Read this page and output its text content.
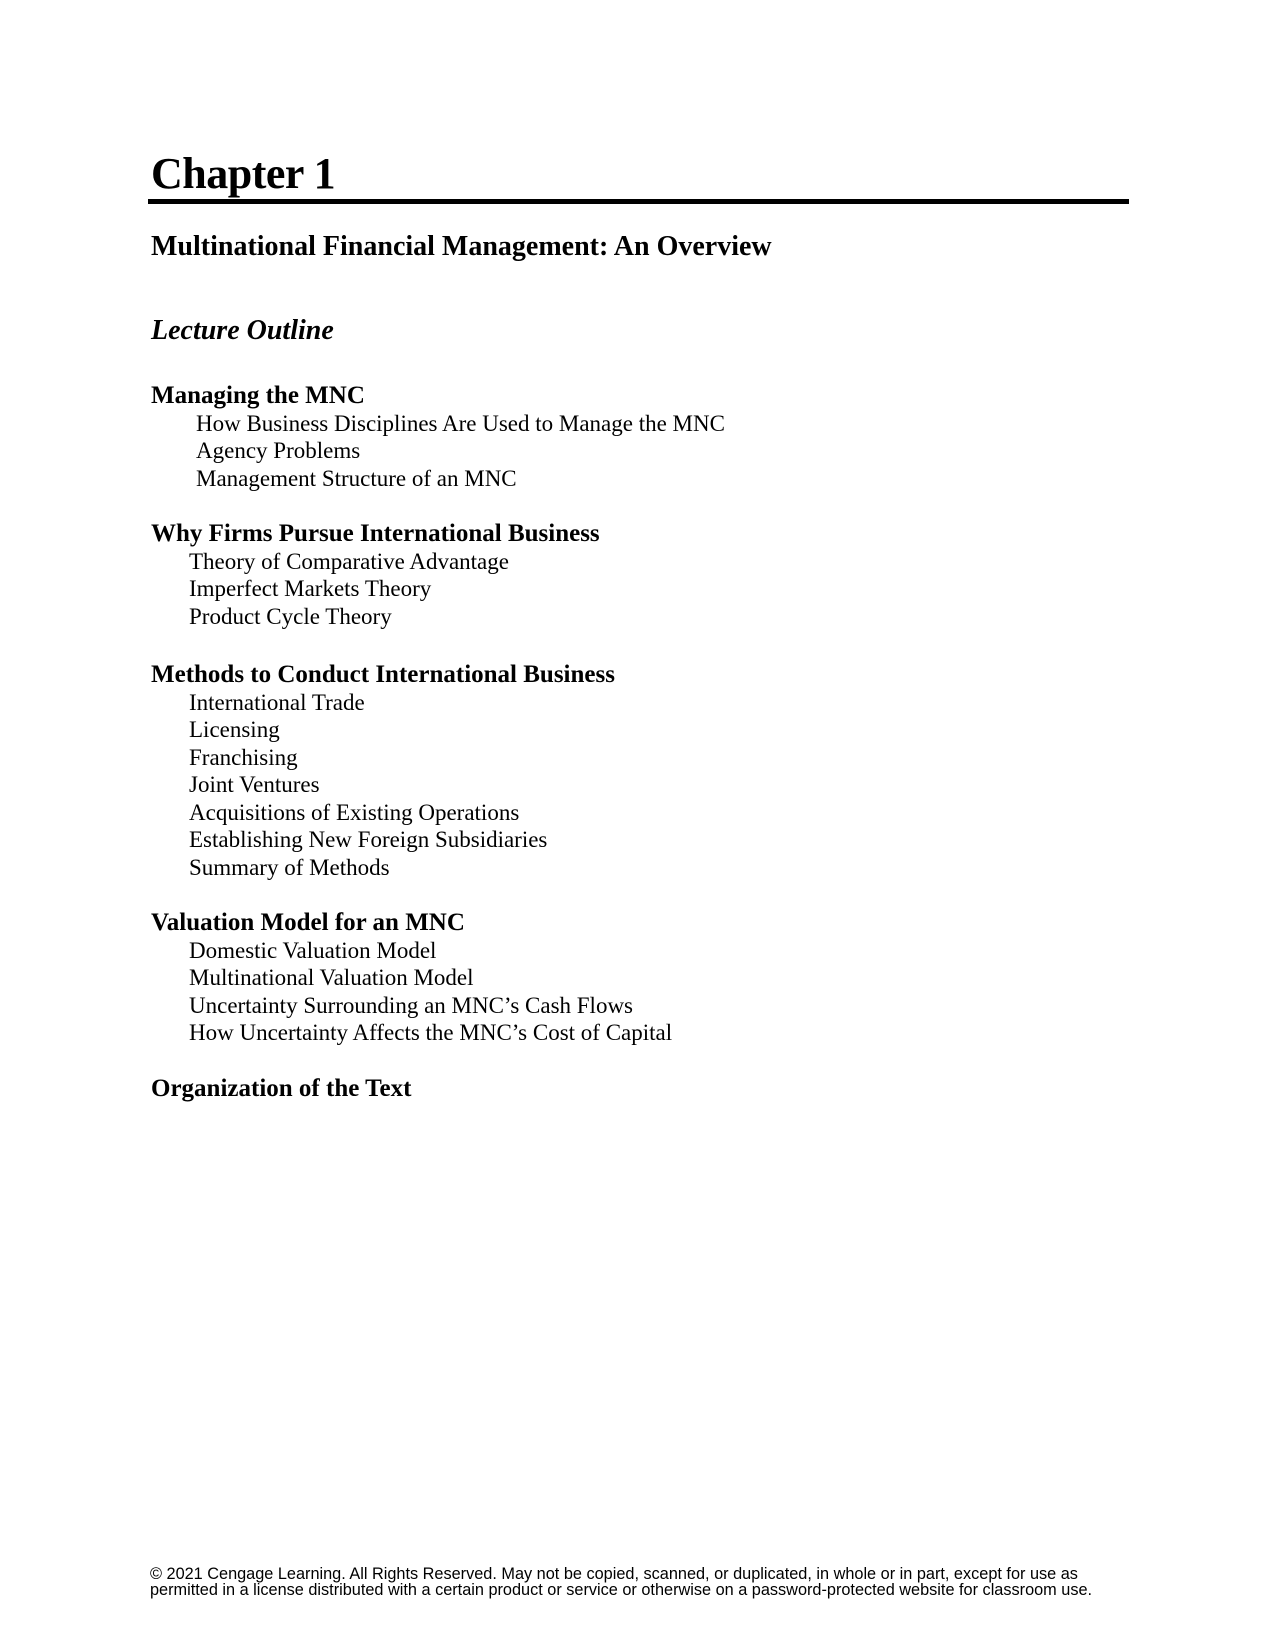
Chapter 1
Multinational Financial Management: An Overview
Lecture Outline
Managing the MNC
How Business Disciplines Are Used to Manage the MNC
Agency Problems
Management Structure of an MNC
Why Firms Pursue International Business
Theory of Comparative Advantage
Imperfect Markets Theory
Product Cycle Theory
Methods to Conduct International Business
International Trade
Licensing
Franchising
Joint Ventures
Acquisitions of Existing Operations
Establishing New Foreign Subsidiaries
Summary of Methods
Valuation Model for an MNC
Domestic Valuation Model
Multinational Valuation Model
Uncertainty Surrounding an MNC’s Cash Flows
How Uncertainty Affects the MNC’s Cost of Capital
Organization of the Text
© 2021 Cengage Learning. All Rights Reserved. May not be copied, scanned, or duplicated, in whole or in part, except for use as
permitted in a license distributed with a certain product or service or otherwise on a password-protected website for classroom use.
